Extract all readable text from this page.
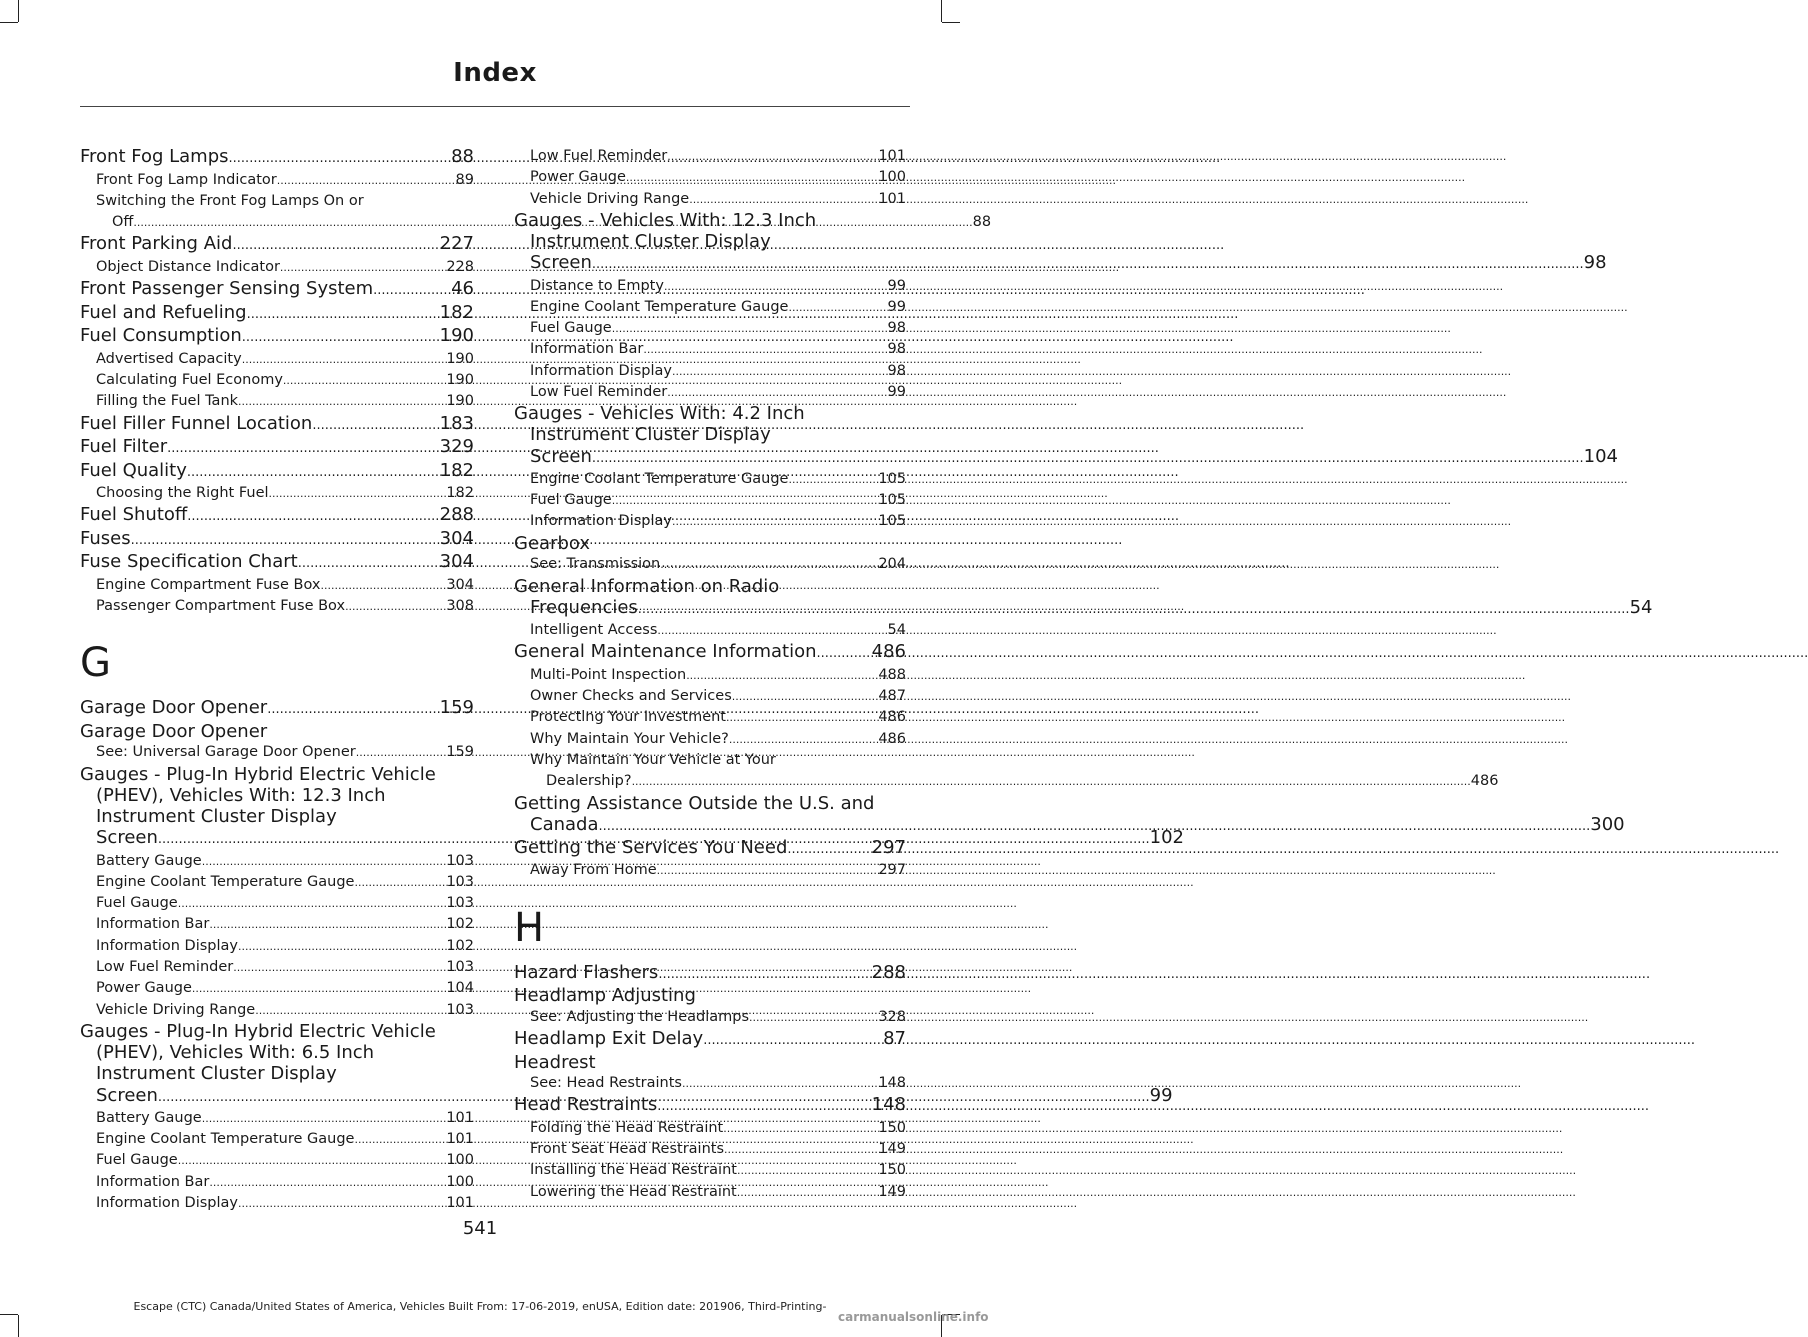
Index
Front Fog Lamps .....	88
Front Fog Lamp Indicator .....	89
Switching the Front Fog Lamps On or
Off .....	88
Front Parking Aid .....	227
Object Distance Indicator .....	228
Front Passenger Sensing System .....	46
Fuel and Refueling .....	182
Fuel Consumption .....	190
Advertised Capacity .....	190
Calculating Fuel Economy .....	190
Filling the Fuel Tank .....	190
Fuel Filler Funnel Location .....	183
Fuel Filter .....	329
Fuel Quality .....	182
Choosing the Right Fuel .....	182
Fuel Shutoff .....	288
Fuses .....	304
Fuse Specification Chart .....	304
Engine Compartment Fuse Box .....	304
Passenger Compartment Fuse Box .....	308
G
Garage Door Opener .....	159
Garage Door Opener
See: Universal Garage Door Opener .....	159
Gauges - Plug-In Hybrid Electric Vehicle (PHEV), Vehicles With: 12.3 Inch Instrument Cluster Display
Screen .....	102
Battery Gauge .....	103
Engine Coolant Temperature Gauge .....	103
Fuel Gauge .....	103
Information Bar .....	102
Information Display .....	102
Low Fuel Reminder .....	103
Power Gauge .....	104
Vehicle Driving Range .....	103
Gauges - Plug-In Hybrid Electric Vehicle (PHEV), Vehicles With: 6.5 Inch Instrument Cluster Display
Screen .....	99
Battery Gauge .....	101
Engine Coolant Temperature Gauge .....	101
Fuel Gauge .....	100
Information Bar .....	100
Information Display .....	101
Low Fuel Reminder .....	101
Power Gauge .....	100
Vehicle Driving Range .....	101
Gauges - Vehicles With: 12.3 Inch Instrument Cluster Display
Screen .....	98
Distance to Empty .....	99
Engine Coolant Temperature Gauge .....	99
Fuel Gauge .....	98
Information Bar .....	98
Information Display .....	98
Low Fuel Reminder .....	99
Gauges - Vehicles With: 4.2 Inch Instrument Cluster Display
Screen .....	104
Engine Coolant Temperature Gauge .....	105
Fuel Gauge .....	105
Information Display .....	105
Gearbox
See: Transmission .....	204
General Information on Radio
Frequencies .....	54
Intelligent Access .....	54
General Maintenance Information .....	486
Multi-Point Inspection .....	488
Owner Checks and Services .....	487
Protecting Your Investment .....	486
Why Maintain Your Vehicle? .....	486
Why Maintain Your Vehicle at Your
Dealership? .....	486
Getting Assistance Outside the U.S. and
Canada .....	300
Getting the Services You Need .....	297
Away From Home .....	297
H
Hazard Flashers .....	288
Headlamp Adjusting
See: Adjusting the Headlamps .....	328
Headlamp Exit Delay .....	87
Headrest
See: Head Restraints .....	148
Head Restraints .....	148
Folding the Head Restraint .....	150
Front Seat Head Restraints .....	149
Installing the Head Restraint .....	150
Lowering the Head Restraint .....	149
541
Escape (CTC) Canada/United States of America, Vehicles Built From: 17-06-2019, enUSA, Edition date: 201906, Third-Printing-
carmanualsonline.info
